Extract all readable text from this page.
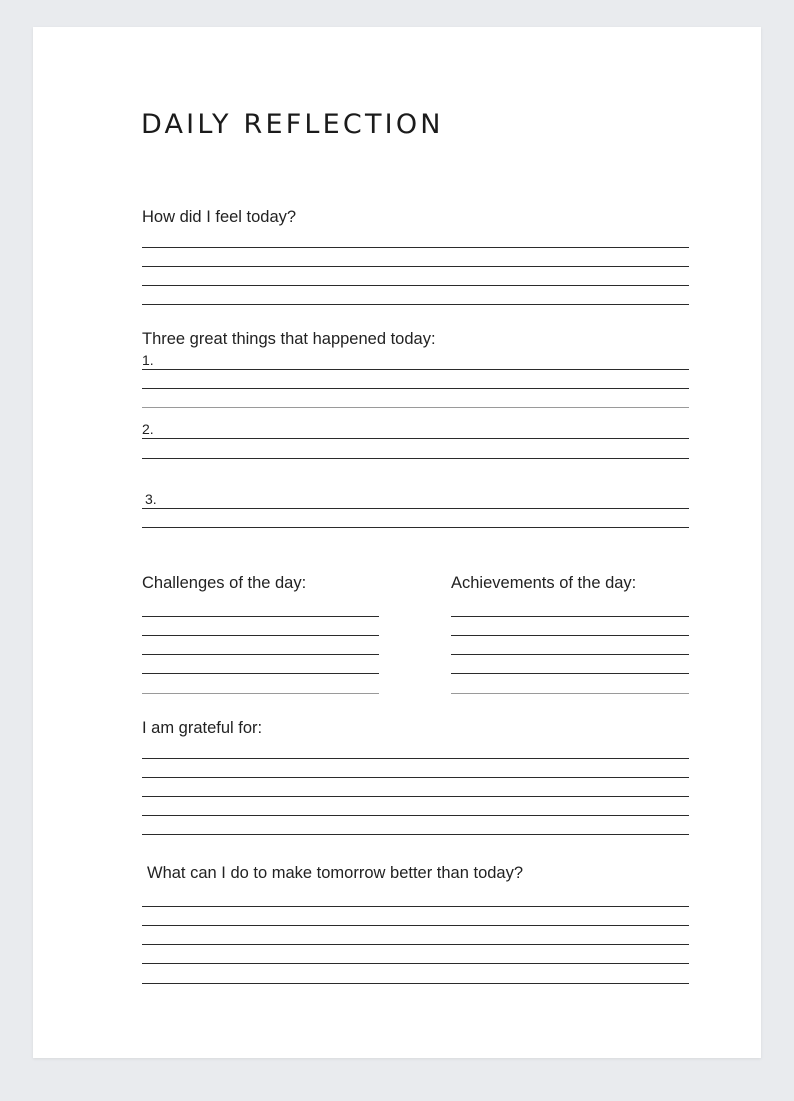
DAILY REFLECTION
How did I feel today?
Three great things that happened today:
1.
2.
3.
Challenges of the day:	Achievements of the day:
I am grateful for:
What can I do to make tomorrow better than today?
